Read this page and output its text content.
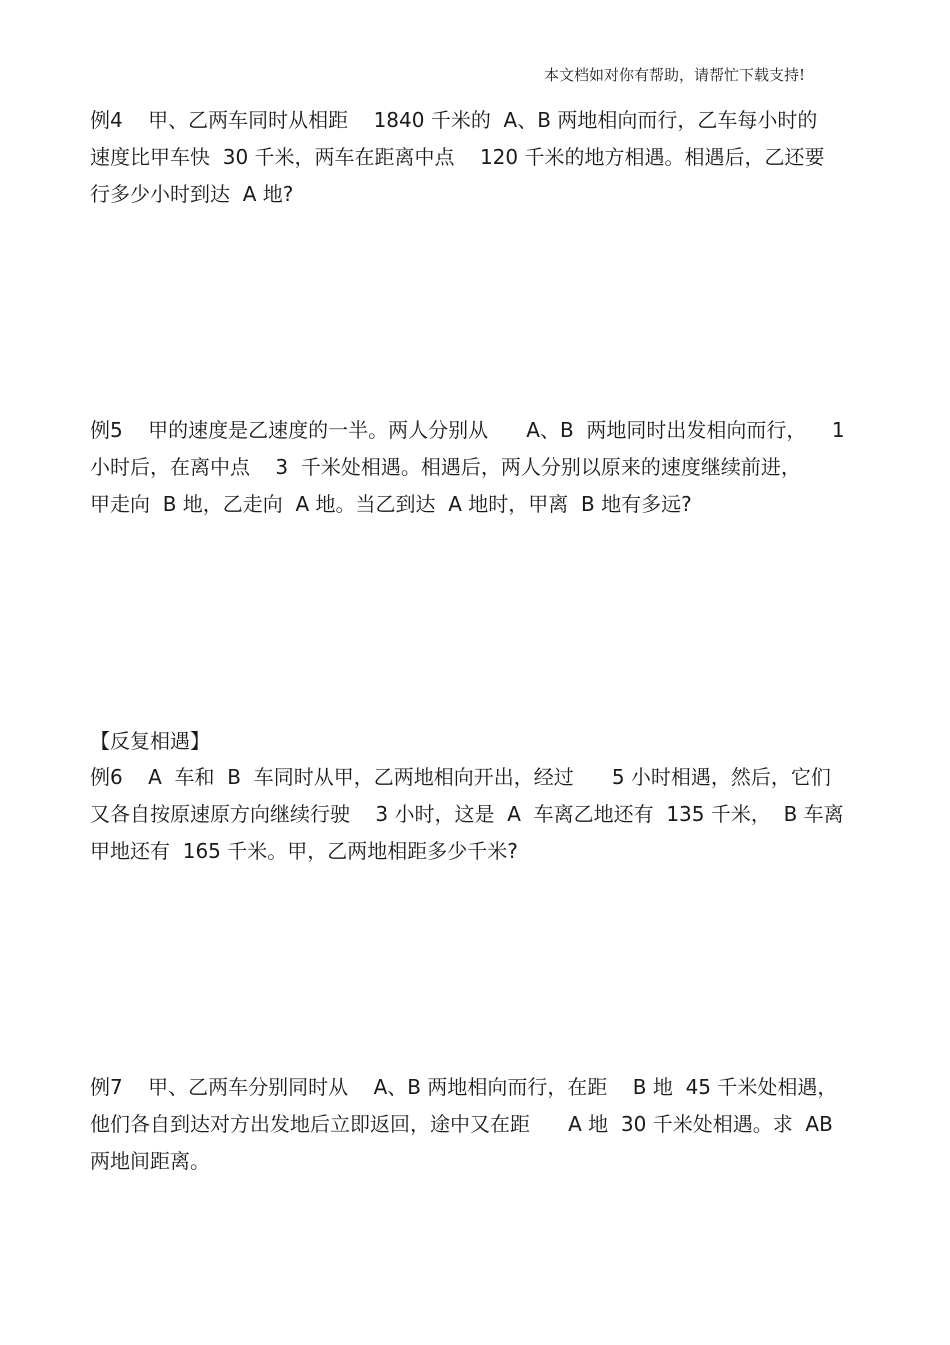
本文档如对你有帮助，请帮忙下载支持!
例4    甲、乙两车同时从相距    1840 千米的  A、B 两地相向而行，乙车每小时的
速度比甲车快  30 千米，两车在距离中点    120 千米的地方相遇。相遇后，乙还要
行多少小时到达  A 地?
例5    甲的速度是乙速度的一半。两人分别从      A、B  两地同时出发相向而行，    1
小时后，在离中点    3  千米处相遇。相遇后，两人分别以原来的速度继续前进，
甲走向  B 地，乙走向  A 地。当乙到达  A 地时，甲离  B 地有多远?
【反复相遇】
例6    A  车和  B  车同时从甲，乙两地相向开出，经过      5 小时相遇，然后，它们
又各自按原速原方向继续行驶    3 小时，这是  A  车离乙地还有  135 千米，  B 车离
甲地还有  165 千米。甲，乙两地相距多少千米?
例7    甲、乙两车分别同时从    A、B 两地相向而行，在距    B 地  45 千米处相遇，
他们各自到达对方出发地后立即返回，途中又在距      A 地  30 千米处相遇。求  AB
两地间距离。
